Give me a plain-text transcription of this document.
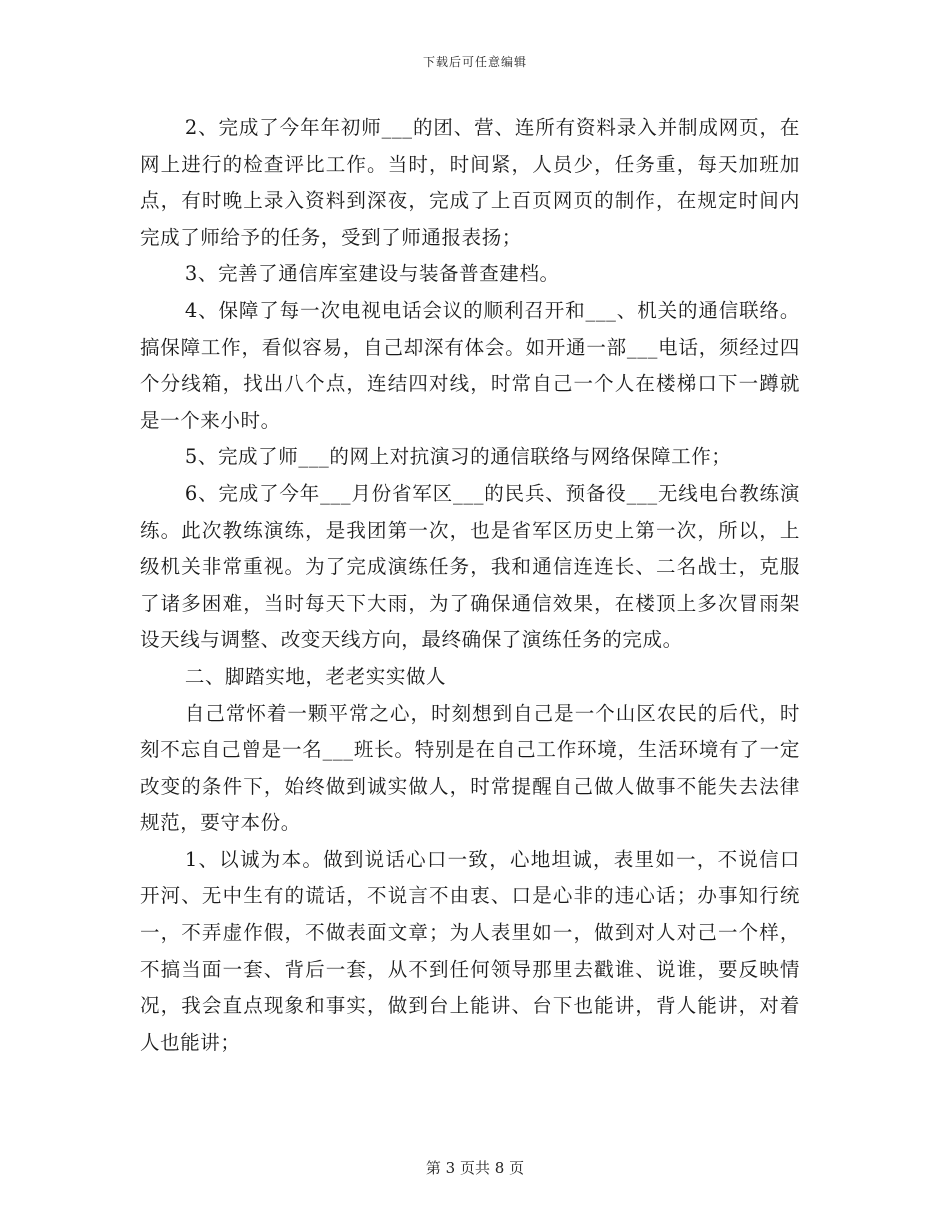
下载后可任意编辑

2、完成了今年年初师___的团、营、连所有资料录入并制成网页，在网上进行的检查评比工作。当时，时间紧，人员少，任务重，每天加班加点，有时晚上录入资料到深夜，完成了上百页网页的制作，在规定时间内完成了师给予的任务，受到了师通报表扬；

3、完善了通信库室建设与装备普查建档。

4、保障了每一次电视电话会议的顺利召开和___、机关的通信联络。搞保障工作，看似容易，自己却深有体会。如开通一部___电话，须经过四个分线箱，找出八个点，连结四对线，时常自己一个人在楼梯口下一蹲就是一个来小时。

5、完成了师___的网上对抗演习的通信联络与网络保障工作；

6、完成了今年___月份省军区___的民兵、预备役___无线电台教练演练。此次教练演练，是我团第一次，也是省军区历史上第一次，所以，上级机关非常重视。为了完成演练任务，我和通信连连长、二名战士，克服了诸多困难，当时每天下大雨，为了确保通信效果，在楼顶上多次冒雨架设天线与调整、改变天线方向，最终确保了演练任务的完成。

二、脚踏实地，老老实实做人

自己常怀着一颗平常之心，时刻想到自己是一个山区农民的后代，时刻不忘自己曾是一名___班长。特别是在自己工作环境，生活环境有了一定改变的条件下，始终做到诚实做人，时常提醒自己做人做事不能失去法律规范，要守本份。

1、以诚为本。做到说话心口一致，心地坦诚，表里如一，不说信口开河、无中生有的谎话，不说言不由衷、口是心非的违心话；办事知行统一，不弄虚作假，不做表面文章；为人表里如一，做到对人对己一个样，不搞当面一套、背后一套，从不到任何领导那里去戳谁、说谁，要反映情况，我会直点现象和事实，做到台上能讲、台下也能讲，背人能讲，对着人也能讲；

第 3 页共 8 页
